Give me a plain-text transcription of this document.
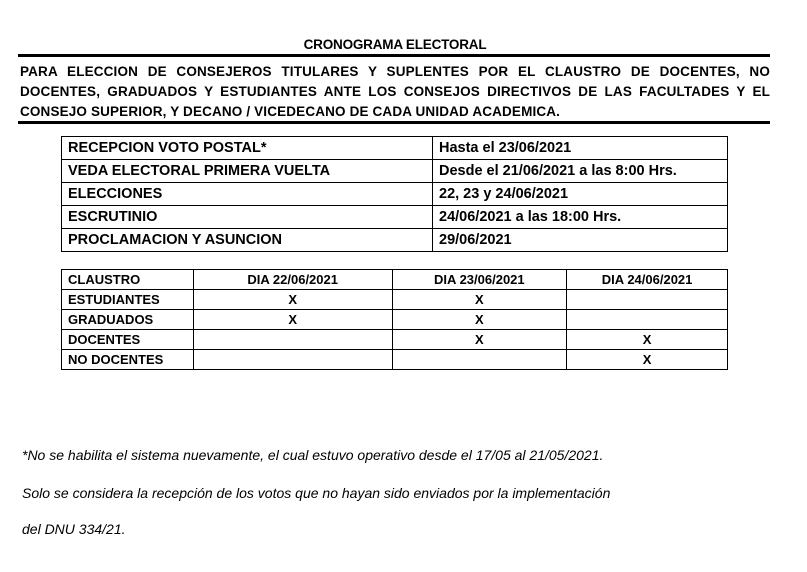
CRONOGRAMA ELECTORAL
PARA ELECCION DE CONSEJEROS TITULARES Y SUPLENTES POR EL CLAUSTRO DE DOCENTES, NO DOCENTES, GRADUADOS Y ESTUDIANTES ANTE LOS CONSEJOS DIRECTIVOS DE LAS FACULTADES Y EL CONSEJO SUPERIOR, Y DECANO / VICEDECANO DE CADA UNIDAD ACADEMICA.
RECEPCION VOTO POSTAL*	Hasta el 23/06/2021
VEDA ELECTORAL PRIMERA VUELTA	Desde el 21/06/2021 a las 8:00 Hrs.
ELECCIONES	22, 23 y 24/06/2021
ESCRUTINIO	24/06/2021 a las 18:00 Hrs.
PROCLAMACION Y ASUNCION	29/06/2021
CLAUSTRO	DIA 22/06/2021	DIA 23/06/2021	DIA 24/06/2021
ESTUDIANTES	X	X	
GRADUADOS	X	X	
DOCENTES		X	X
NO DOCENTES			X
*No se habilita el sistema nuevamente, el cual estuvo operativo desde el 17/05 al 21/05/2021.
Solo se considera la recepción de los votos que no hayan sido enviados por la implementación
del DNU 334/21.
